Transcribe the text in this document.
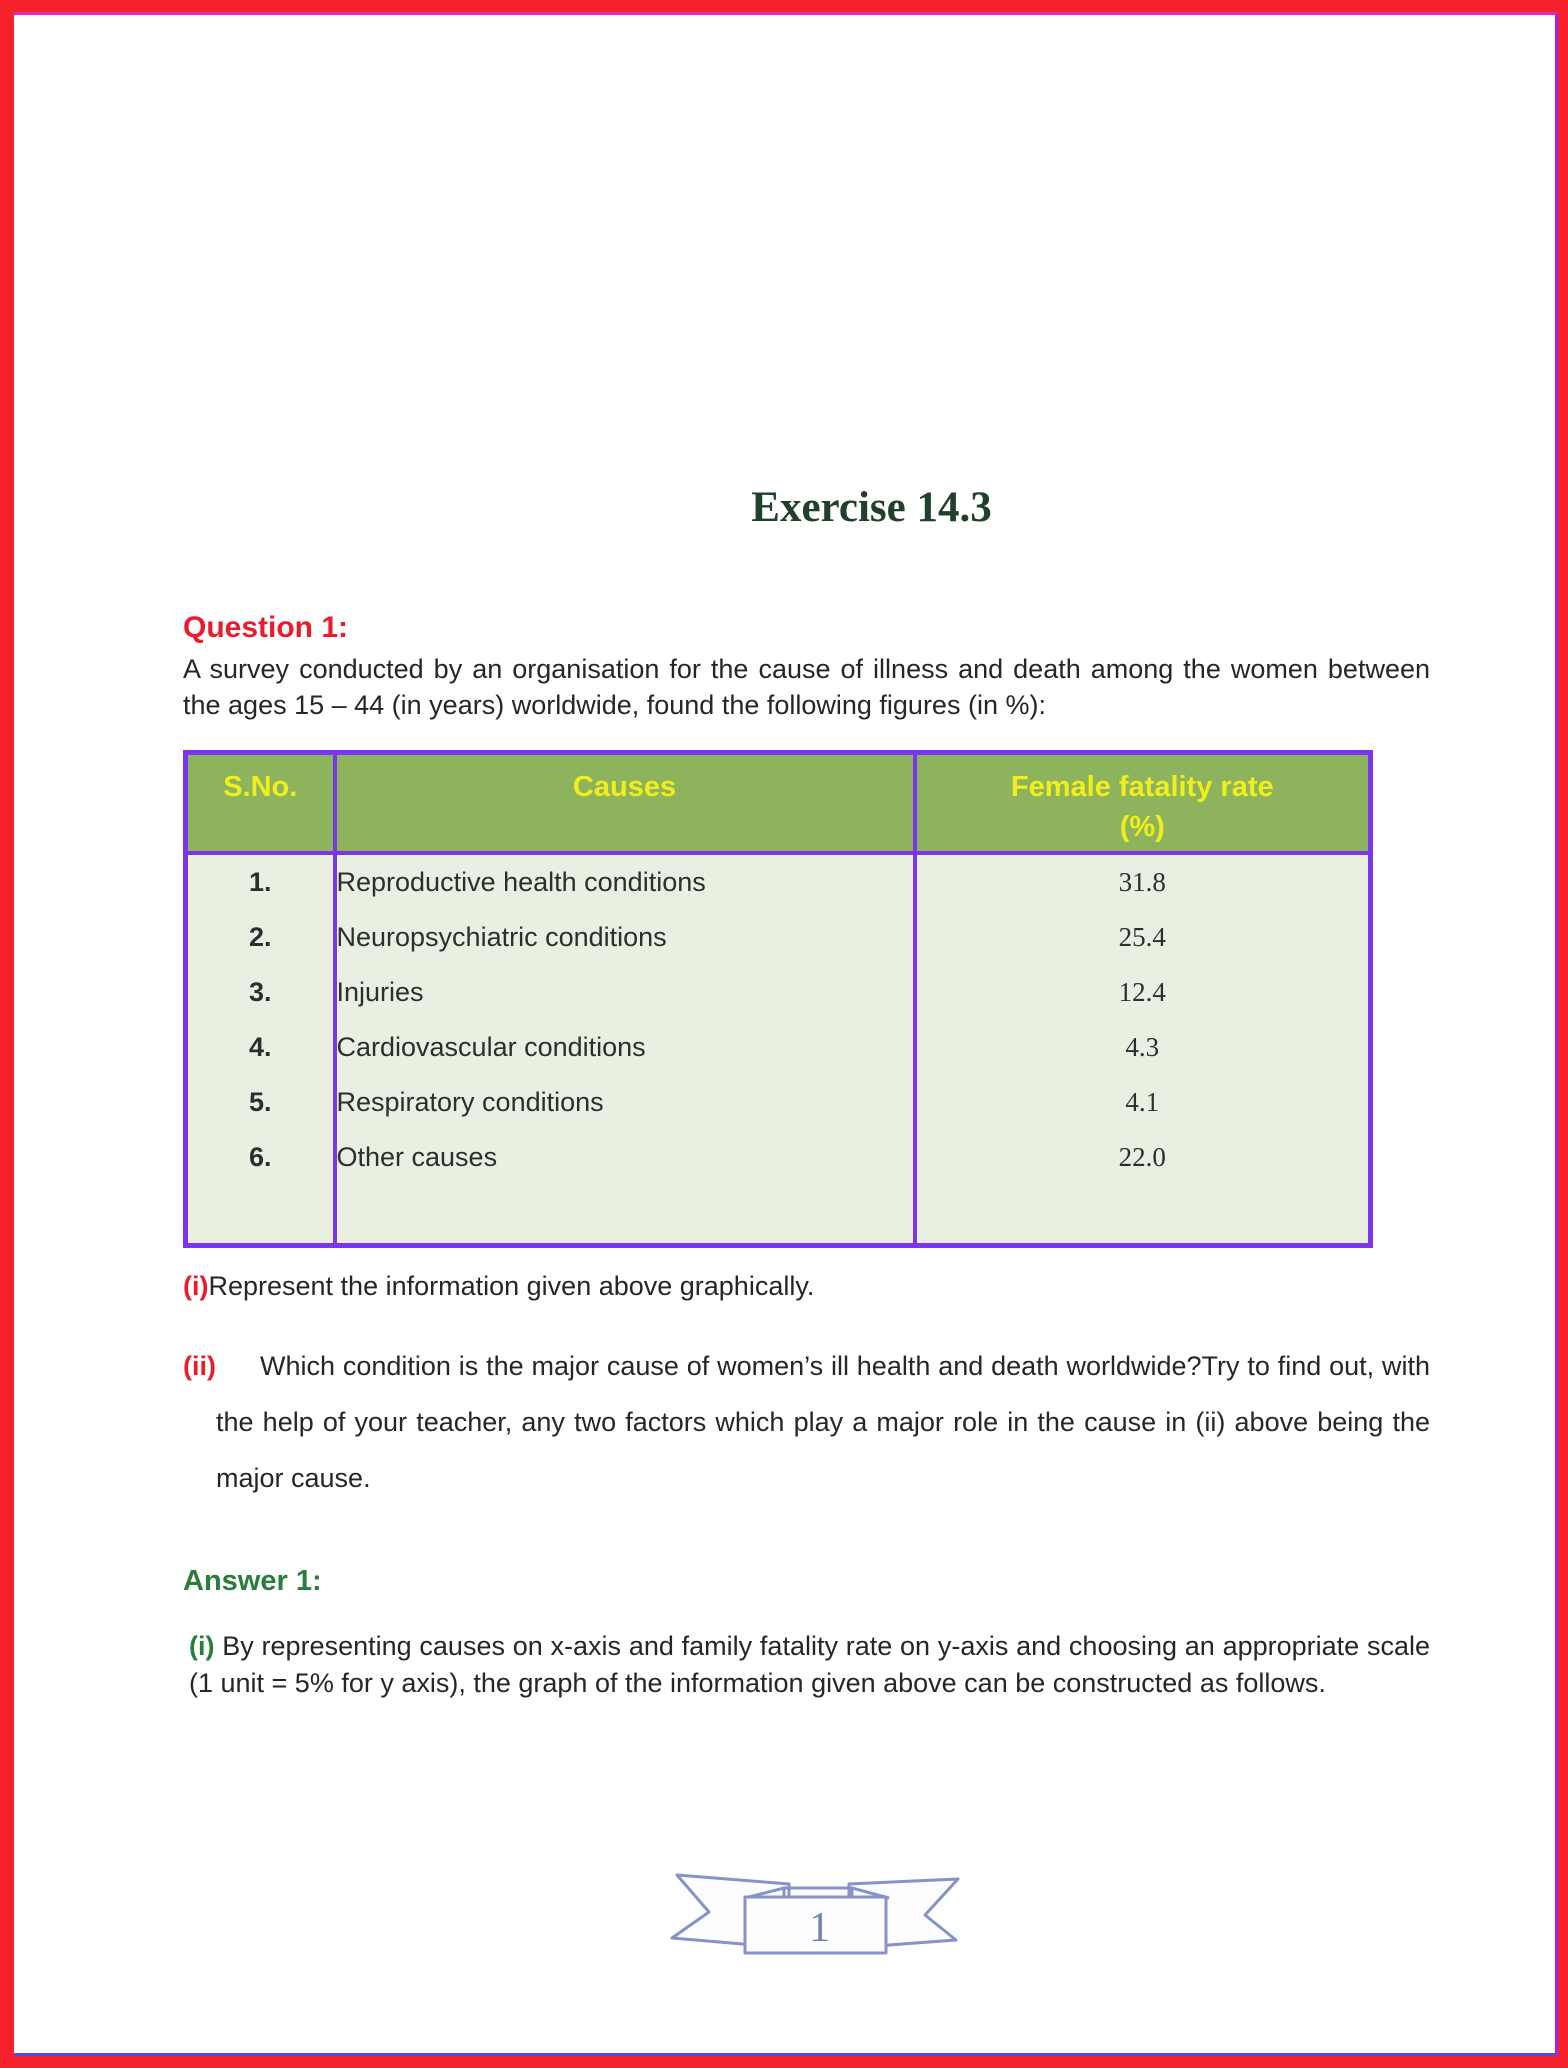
Exercise 14.3
Question 1:

A survey conducted by an organisation for the cause of illness and death among the women between the ages 15 – 44 (in years) worldwide, found the following figures (in %):

S.No.	Causes	Female fatality rate
(%)

1.	Reproductive health conditions	31.8
2.	Neuropsychiatric conditions	25.4
3.	Injuries	12.4
4.	Cardiovascular conditions	4.3
5.	Respiratory conditions	4.1
6.	Other causes	22.0

(i)Represent the information given above graphically.

(ii) Which condition is the major cause of women’s ill health and death worldwide?Try to find out, with the help of your teacher, any two factors which play a major role in the cause in (ii) above being the major cause.

Answer 1:

(i) By representing causes on x-axis and family fatality rate on y-axis and choosing an appropriate scale (1 unit = 5% for y axis), the graph of the information given above can be constructed as follows.

1
